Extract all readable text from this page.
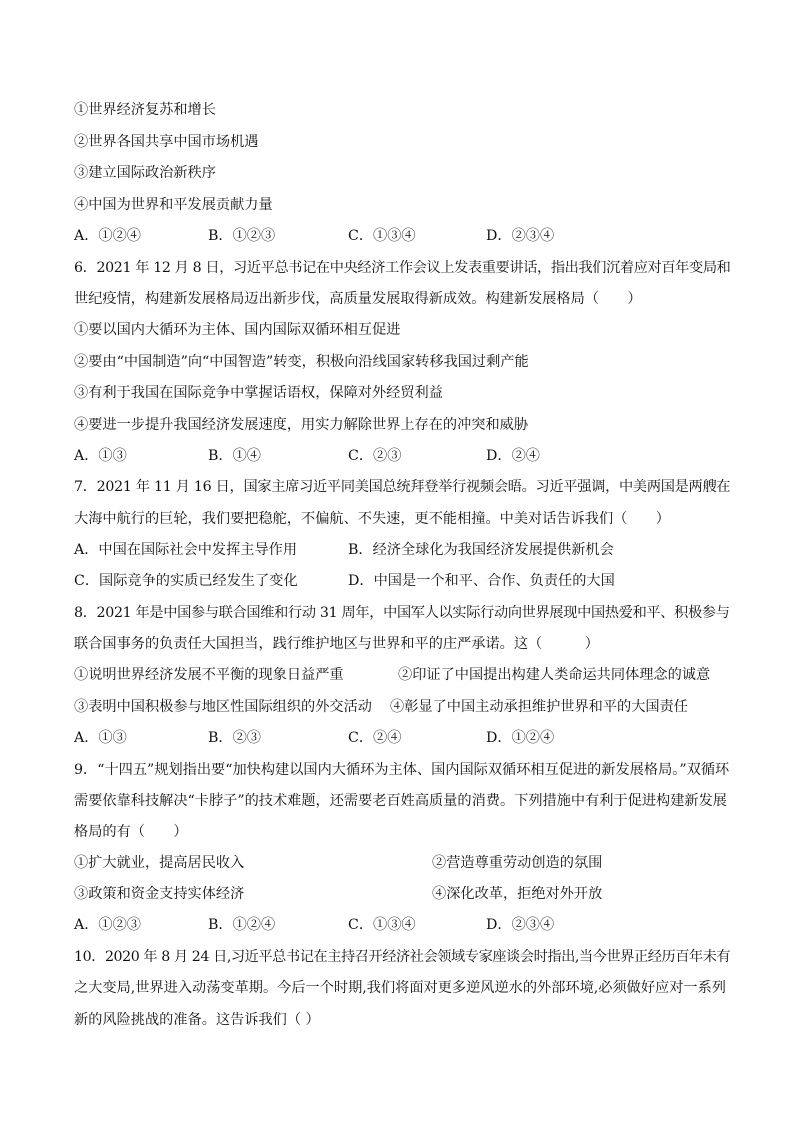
①世界经济复苏和增长
②世界各国共享中国市场机遇
③建立国际政治新秩序
④中国为世界和平发展贡献力量
A．①②④	B．①②③	C．①③④	D．②③④
6．2021 年 12 月 8 日，习近平总书记在中央经济工作会议上发表重要讲话，指出我们沉着应对百年变局和
世纪疫情，构建新发展格局迈出新步伐，高质量发展取得新成效。构建新发展格局（　　）
①要以国内大循环为主体、国内国际双循环相互促进
②要由“中国制造”向“中国智造”转变，积极向沿线国家转移我国过剩产能
③有利于我国在国际竞争中掌握话语权，保障对外经贸利益
④要进一步提升我国经济发展速度，用实力解除世界上存在的冲突和威胁
A．①③	B．①④	C．②③	D．②④
7．2021 年 11 月 16 日，国家主席习近平同美国总统拜登举行视频会晤。习近平强调，中美两国是两艘在
大海中航行的巨轮，我们要把稳舵，不偏航、不失速，更不能相撞。中美对话告诉我们（　　）
A．中国在国际社会中发挥主导作用	B．经济全球化为我国经济发展提供新机会
C．国际竞争的实质已经发生了变化	D．中国是一个和平、合作、负责任的大国
8．2021 年是中国参与联合国维和行动 31 周年，中国军人以实际行动向世界展现中国热爱和平、积极参与
联合国事务的负责任大国担当，践行维护地区与世界和平的庄严承诺。这（　　　）
①说明世界经济发展不平衡的现象日益严重	②印证了中国提出构建人类命运共同体理念的诚意
③表明中国积极参与地区性国际组织的外交活动 ④彰显了中国主动承担维护世界和平的大国责任
A．①③	B．②③	C．②④	D．①②④
9．“十四五”规划指出要“加快构建以国内大循环为主体、国内国际双循环相互促进的新发展格局。”双循环
需要依靠科技解决“卡脖子”的技术难题，还需要老百姓高质量的消费。下列措施中有利于促进构建新发展
格局的有（　　）
①扩大就业，提高居民收入	②营造尊重劳动创造的氛围
③政策和资金支持实体经济	④深化改革，拒绝对外开放
A．①②③	B．①②④	C．①③④	D．②③④
10．2020 年 8 月 24 日,习近平总书记在主持召开经济社会领域专家座谈会时指出,当今世界正经历百年未有
之大变局,世界进入动荡变革期。今后一个时期,我们将面对更多逆风逆水的外部环境,必须做好应对一系列
新的风险挑战的准备。这告诉我们（ ）
